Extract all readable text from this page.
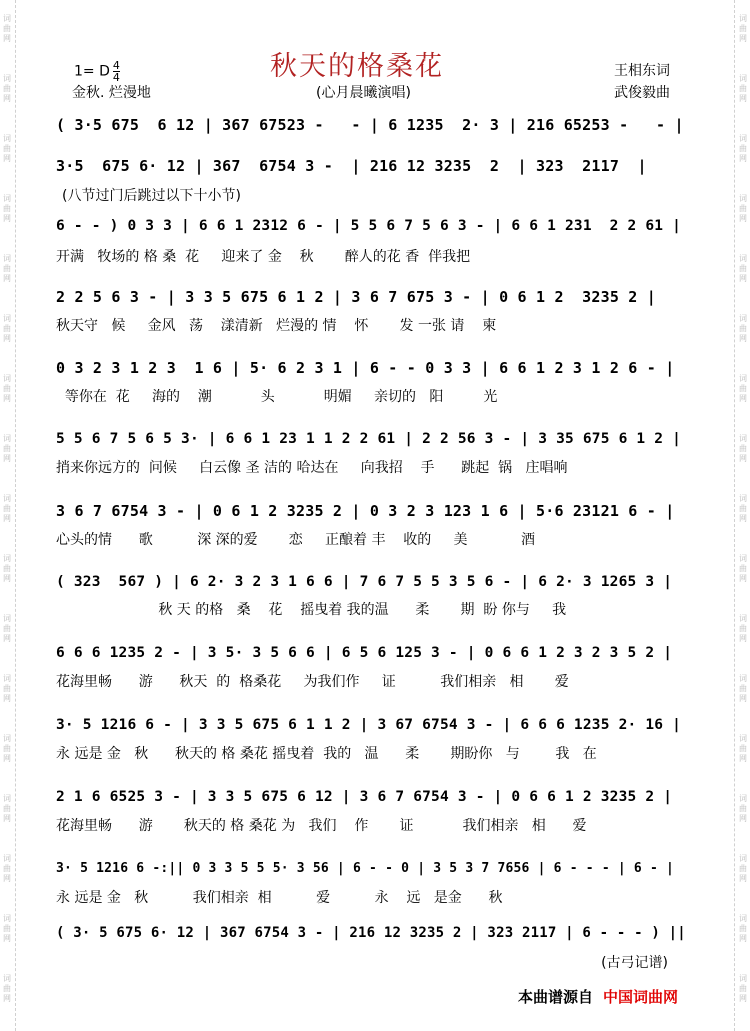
词
曲
网
词
曲
网
词
曲
网
词
曲
网
词
曲
网
词
曲
网
词
曲
网
词
曲
网
词
曲
网
词
曲
网
词
曲
网
词
曲
网
词
曲
网
词
曲
网
词
曲
网
词
曲
网
词
曲
网
词
曲
网
词
曲
网
词
曲
网
词
曲
网
词
曲
网
词
曲
网
词
曲
网
词
曲
网
词
曲
网
词
曲
网
词
曲
网
词
曲
网
词
曲
网
词
曲
网
词
曲
网
词
曲
网
词
曲
网
1= D $\frac{4}{4}$
金秋. 烂漫地
秋天的格桑花
(心月晨曦演唱)
王相东词
武俊毅曲
( 3·5 675  6 12 | 367 67523 -   - | 6 1235  2· 3 | 216 65253 -   - |
3·5  675 6· 12 | 367  6754 3 -  | 216 12 3235  2  | 323  2117  |
(八节过门后跳过以下十小节)
6 - - ) 0 3 3 | 6 6 1 2312 6 - | 5 5 6 7 5 6 3 - | 6 6 1 231  2 2 61 |
开满   牧场的 格 桑  花     迎来了 金    秋       醉人的花 香  伴我把
2 2 5 6 3 - | 3 3 5 675 6 1 2 | 3 6 7 675 3 - | 0 6 1 2  3235 2 |
秋天守   候     金风   荡    漾清新   烂漫的 情    怀       发 一张 请    柬
0 3 2 3 1 2 3  1 6 | 5· 6 2 3 1 | 6 - - 0 3 3 | 6 6 1 2 3 1 2 6 - |
等你在  花     海的    潮           头           明媚     亲切的   阳         光
5 5 6 7 5 6 5 3· | 6 6 1 23 1 1 2 2 61 | 2 2 56 3 - | 3 35 675 6 1 2 |
捎来你远方的  问候     白云像 圣 洁的 哈达在     向我招    手      跳起  锅   庄唱响
3 6 7 6754 3 - | 0 6 1 2 3235 2 | 0 3 2 3 123 1 6 | 5·6 23121 6 - |
心头的情      歌          深 深的爱       恋     正酿着 丰    收的     美            酒
( 323  567 ) | 6 2· 3 2 3 1 6 6 | 7 6 7 5 5 3 5 6 - | 6 2· 3 1265 3 |
秋 天 的格   桑    花    摇曳着 我的温      柔       期  盼 你与     我
6 6 6 1235 2 - | 3 5· 3 5 6 6 | 6 5 6 125 3 - | 0 6 6 1 2 3 2 3 5 2 |
花海里畅      游      秋天  的  格桑花     为我们作     证          我们相亲   相       爱
3· 5 1216 6 - | 3 3 5 675 6 1 1 2 | 3 67 6754 3 - | 6 6 6 1235 2· 16 |
永 远是 金   秋      秋天的 格 桑花 摇曳着  我的   温      柔       期盼你   与        我   在
2 1 6 6525 3 - | 3 3 5 675 6 12 | 3 6 7 6754 3 - | 0 6 6 1 2 3235 2 |
花海里畅      游       秋天的 格 桑花 为   我们    作       证           我们相亲   相      爱
3· 5 1216 6 -:|| 0 3 3 5 5 5· 3 56 | 6 - - 0 | 3 5 3 7 7656 | 6 - - - | 6 - |
永 远是 金   秋          我们相亲  相          爱          永    远   是金      秋
( 3· 5 675 6· 12 | 367 6754 3 - | 216 12 3235 2 | 323 2117 | 6 - - - ) ||
(古弓记谱)
本曲谱源自 中国词曲网
